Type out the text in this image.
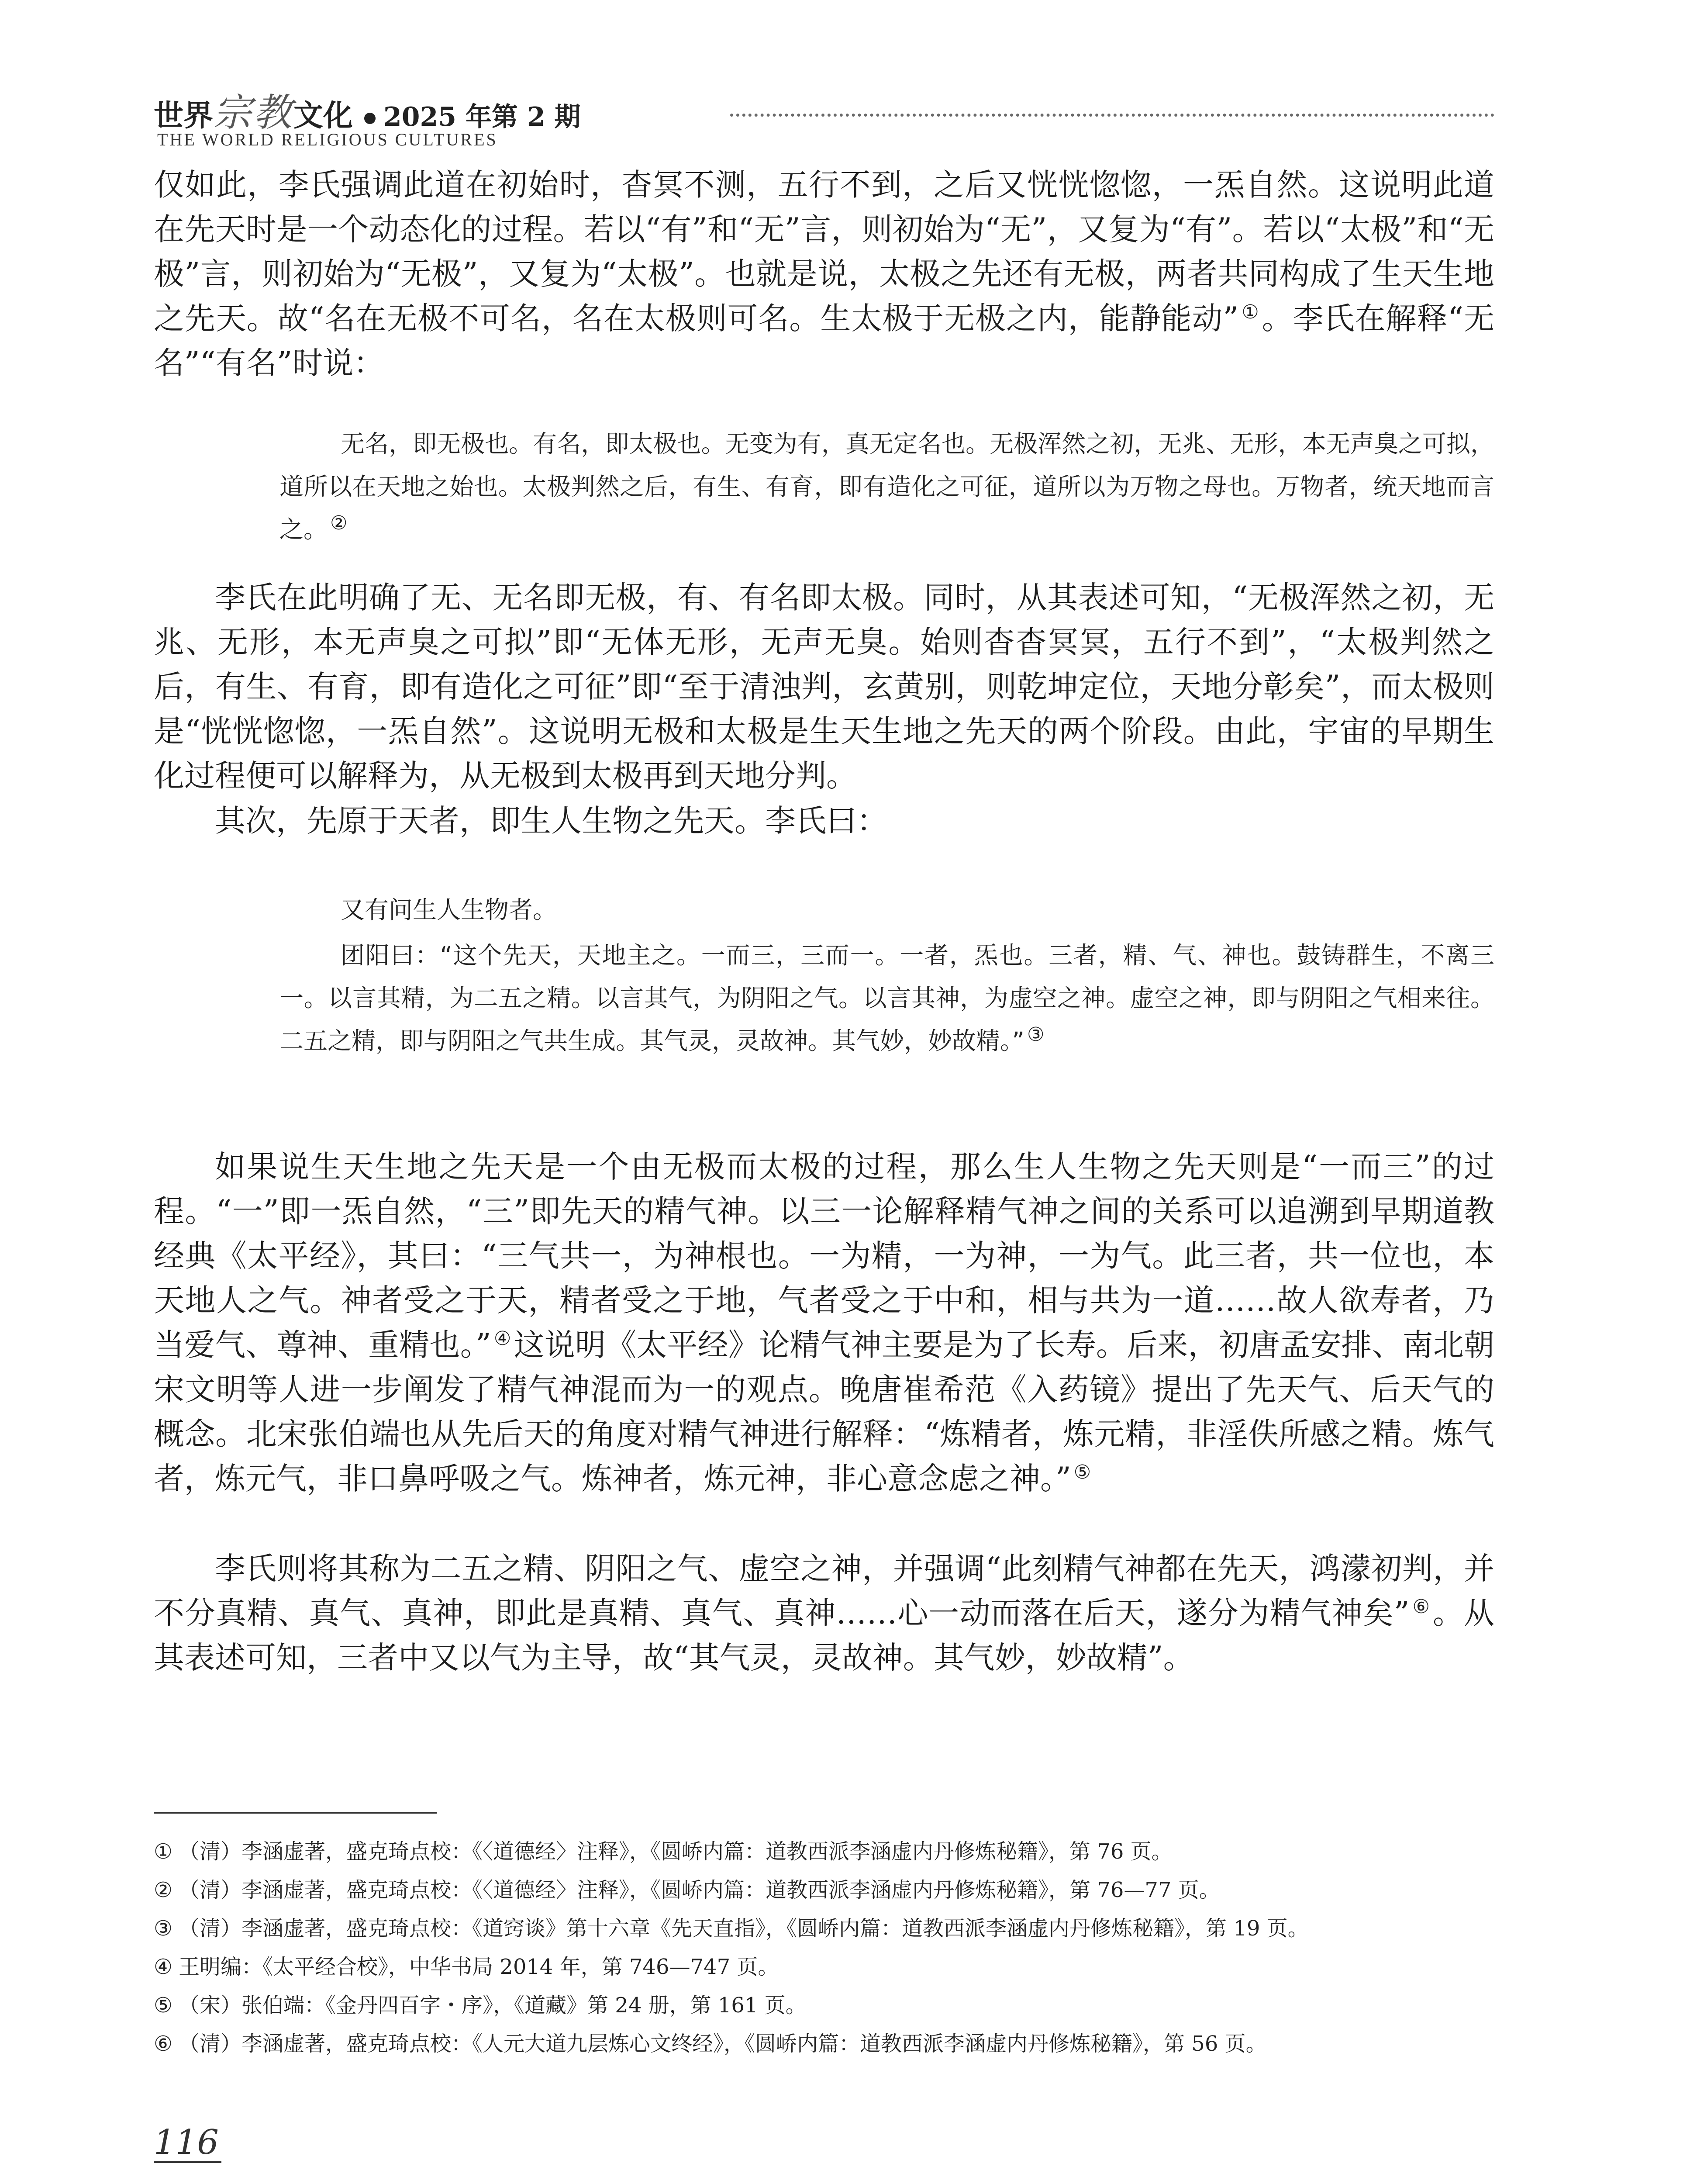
世界宗教文化 2025 年第 2 期
THE WORLD RELIGIOUS CULTURES

仅如此，李氏强调此道在初始时，杳冥不测，五行不到，之后又恍恍惚惚，一炁自然。这说明此道在先天时是一个动态化的过程。若以“有”和“无”言，则初始为“无”，又复为“有”。若以“太极”和“无极”言，则初始为“无极”，又复为“太极”。也就是说，太极之先还有无极，两者共同构成了生天生地之先天。故“名在无极不可名，名在太极则可名。生太极于无极之内，能静能动” ①。李氏在解释“无名”“有名”时说：

无名，即无极也。有名，即太极也。无变为有，真无定名也。无极浑然之初，无兆、无形，本无声臭之可拟，道所以在天地之始也。太极判然之后，有生、有育，即有造化之可征，道所以为万物之母也。万物者，统天地而言之。 ②

李氏在此明确了无、无名即无极，有、有名即太极。同时，从其表述可知，“无极浑然之初，无兆、无形，本无声臭之可拟”即“无体无形，无声无臭。始则杳杳冥冥，五行不到”，“太极判然之后，有生、有育，即有造化之可征”即“至于清浊判，玄黄别，则乾坤定位，天地分彰矣”，而太极则是“恍恍惚惚，一炁自然”。这说明无极和太极是生天生地之先天的两个阶段。由此，宇宙的早期生化过程便可以解释为，从无极到太极再到天地分判。

其次，先原于天者，即生人生物之先天。李氏曰：

又有问生人生物者。

团阳曰：“这个先天，天地主之。一而三，三而一。一者，炁也。三者，精、气、神也。鼓铸群生，不离三一。以言其精，为二五之精。以言其气，为阴阳之气。以言其神，为虚空之神。虚空之神，即与阴阳之气相来往。二五之精，即与阴阳之气共生成。其气灵，灵故神。其气妙，妙故精。” ③

如果说生天生地之先天是一个由无极而太极的过程，那么生人生物之先天则是“一而三”的过程。“一”即一炁自然，“三”即先天的精气神。以三一论解释精气神之间的关系可以追溯到早期道教经典《太平经》，其曰：“三气共一，为神根也。一为精，一为神，一为气。此三者，共一位也，本天地人之气。神者受之于天，精者受之于地，气者受之于中和，相与共为一道……故人欲寿者，乃当爱气、尊神、重精也。” ④这说明《太平经》论精气神主要是为了长寿。后来，初唐孟安排、南北朝宋文明等人进一步阐发了精气神混而为一的观点。晚唐崔希范《入药镜》提出了先天气、后天气的概念。北宋张伯端也从先后天的角度对精气神进行解释：“炼精者，炼元精，非淫佚所感之精。炼气者，炼元气，非口鼻呼吸之气。炼神者，炼元神，非心意念虑之神。” ⑤

李氏则将其称为二五之精、阴阳之气、虚空之神，并强调“此刻精气神都在先天，鸿濛初判，并不分真精、真气、真神，即此是真精、真气、真神……心一动而落在后天，遂分为精气神矣” ⑥。从其表述可知，三者中又以气为主导，故“其气灵，灵故神。其气妙，妙故精”。

① （清）李涵虚著，盛克琦点校：《〈道德经〉注释》，《圆峤内篇：道教西派李涵虚内丹修炼秘籍》，第 76 页。
② （清）李涵虚著，盛克琦点校：《〈道德经〉注释》，《圆峤内篇：道教西派李涵虚内丹修炼秘籍》，第 76—77 页。
③ （清）李涵虚著，盛克琦点校：《道窍谈》第十六章《先天直指》，《圆峤内篇：道教西派李涵虚内丹修炼秘籍》，第 19 页。
④ 王明编：《太平经合校》，中华书局 2014 年，第 746—747 页。
⑤ （宋）张伯端：《金丹四百字・序》，《道藏》第 24 册，第 161 页。
⑥ （清）李涵虚著，盛克琦点校：《人元大道九层炼心文终经》，《圆峤内篇：道教西派李涵虚内丹修炼秘籍》，第 56 页。
116
